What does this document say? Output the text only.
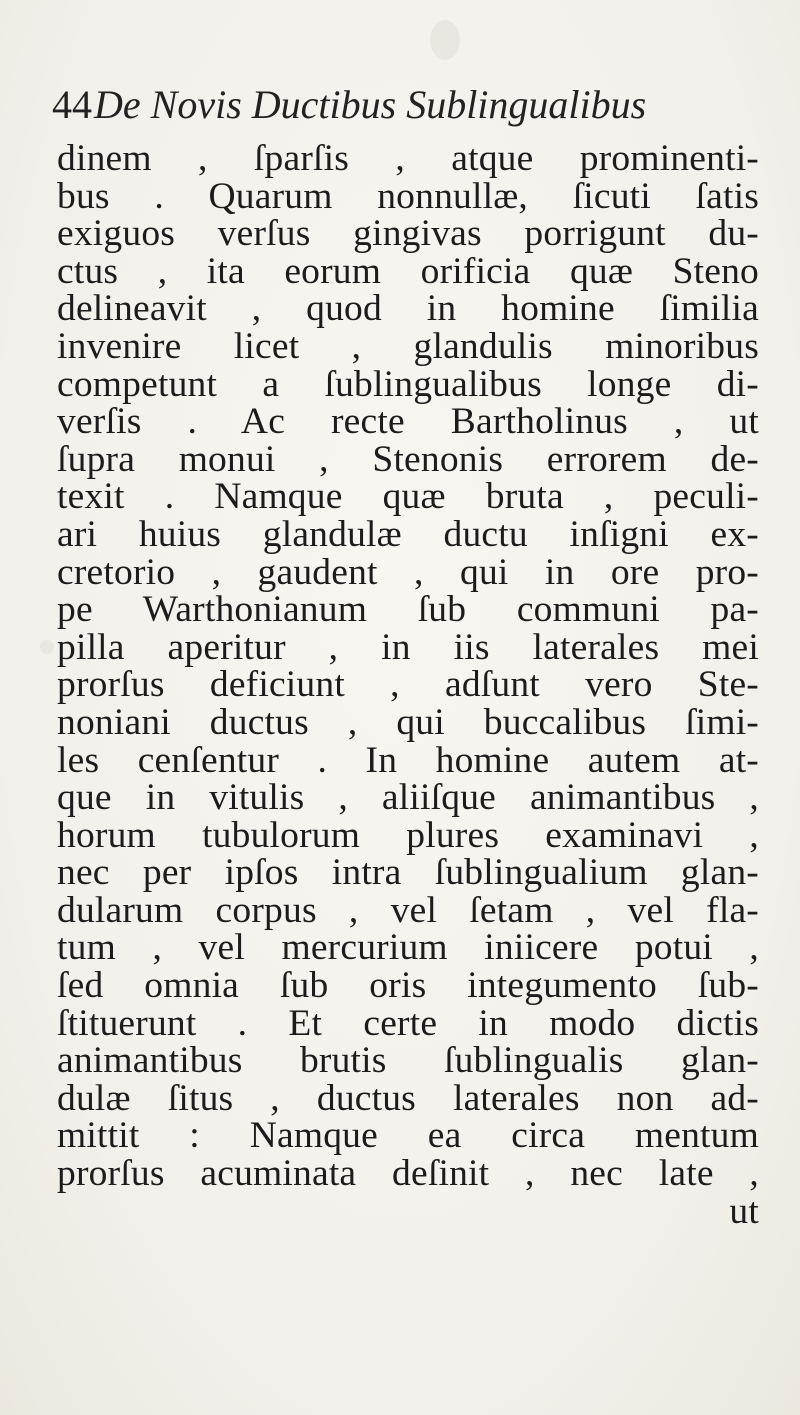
44De Novis Ductibus Sublingualibus
dinem , ſparſis , atque prominenti-
bus . Quarum nonnullæ, ſicuti ſatis
exiguos verſus gingivas porrigunt du-
ctus , ita eorum orificia quæ Steno
delineavit , quod in homine ſimilia
invenire licet , glandulis minoribus
competunt a ſublingualibus longe di-
verſis . Ac recte Bartholinus , ut
ſupra monui , Stenonis errorem de-
texit . Namque quæ bruta , peculi-
ari huius glandulæ ductu inſigni ex-
cretorio , gaudent , qui in ore pro-
pe Warthonianum ſub communi pa-
pilla aperitur , in iis laterales mei
prorſus deficiunt , adſunt vero Ste-
noniani ductus , qui buccalibus ſimi-
les cenſentur . In homine autem at-
que in vitulis , aliiſque animantibus ,
horum tubulorum plures examinavi ,
nec per ipſos intra ſublingualium glan-
dularum corpus , vel ſetam , vel fla-
tum , vel mercurium iniicere potui ,
ſed omnia ſub oris integumento ſub-
ſtituerunt . Et certe in modo dictis
animantibus brutis ſublingualis glan-
dulæ ſitus , ductus laterales non ad-
mittit : Namque ea circa mentum
prorſus acuminata deſinit , nec late ,
ut
